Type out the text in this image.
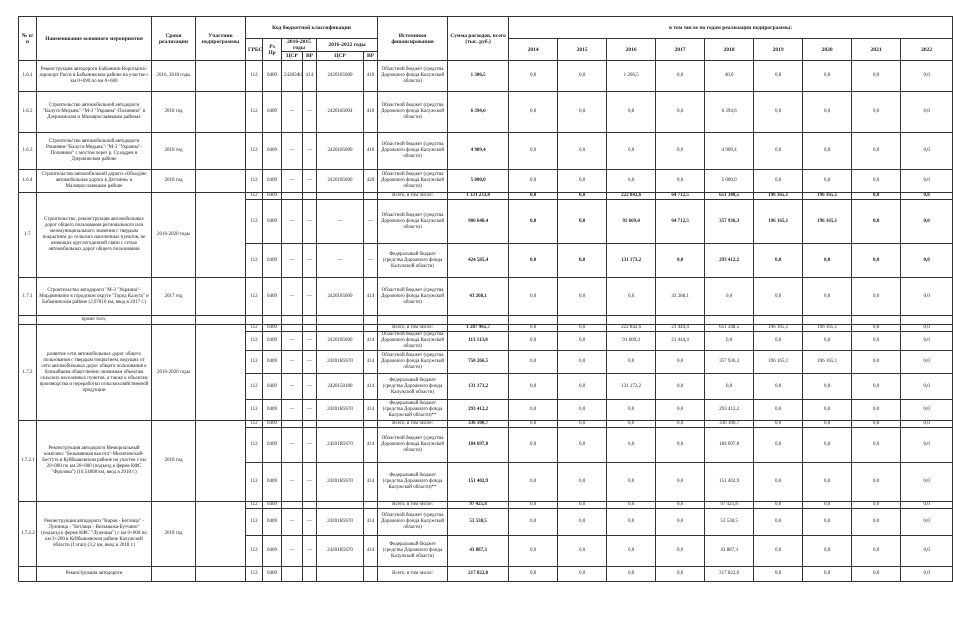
№ п/п	Наименование основного мероприятия	Сроки реализации	Участник подпрограммы	Код бюджетной классификации						Источники финансирования	Сумма расходов, всего (тыс. руб.)	в том числе по годам реализации подпрограммы:								
				ГРБС	Рз Пр	2016-2015 годы		2016-2022 годы				2014	2015	2016	2017	2018	2019	2020	2021	2022
						ЦСР	ВР	ЦСР	ВР											
1.6.1	Реконструкция автодороги Бабынино-Воротынск-аэропорт Рассв в Бабынинском районе на участке с км 0+690 по км 0+600	2016, 2018 годы		112	0409	24285Ф2	414	2420185000	410	Областной бюджет (средства Дорожного фонда Калужской области)	1 306,5	0,0	0,0	1 266,5	0,0	40,0	0,0	0,0	0,0	0,0
1.6.2	Строительство автомобильной автодороги "Калуга-Медынь"-"М-3 "Украина"-Поливино" в Дзержинском и Малоярославецком районах	2018 год		112	0409	—	—	2420185004	410	Областной бюджет (средства Дорожного фонда Калужской области)	6 394,6	0,0	0,0	0,0	0,0	6 394,6	0,0	0,0	0,0	0,0
1.6.3	Строительство автомобильной автодороги Рошняни-"Калуга-Медынь"-"М-3 "Украина"-Поливино" с мостом через р. Суходрев в Дзержинском районе	2018 год		112	0409	—	—	2420185000	410	Областной бюджет (средства Дорожного фонда Калужской области)	4 909,4	0,0	0,0	0,0	0,0	4 909,4	0,0	0,0	0,0	0,0
1.6.4	Строительство автомобильной дороги «Обход)не автомобильная дорога в Детчине» в Малоярославецком районе	2018 год		112	0409	—	—	2420185000	420	Областной бюджет (средства Дорожного фонда Калужской области)	5 000,0	0,0	0,0	0,0	0,0	5 000,0	0,0	0,0	0,0	0,0
1.7	Строительство, реконструкция автомобильных дорог общего пользования регионального или межмуниципального значения с твердым покрытием до сельских населенных пунктов, не имеющих круглогодичной связи с сетью автомобильных дорог общего пользования	2016-2020 годы		112	0409					Всего, в том числе:	1 331 233,8	0,0	0,0	222 842,6	64 712,5	651 348,5	196 165,1	196 165,1	0,0	0,0
				112	0409	—	—	—	—	Областной бюджет (средства Дорожного фонда Калужской области)	906 648,4	0,0	0,0	91 669,4	64 712,5	357 936,3	196 165,1	196 165,1	0,0	0,0
				112	0409	—	—	—	—	Федеральный бюджет (средства Дорожного фонда Калужской области)	424 585,4	0,0	0,0	131 173,2	0,0	293 412,2	0,0	0,0	0,0	0,0
1.7.1	Строительство автодороги "М-3 "Украина"-Мордвинкино в городском округе "Город Калуга" и Бабынинском районе (2,07810 км, ввод в 2017 г.)	2017 год		112	0409	—	—	2420185000	414	Областной бюджет (средства Дорожного фонда Калужской области)	43 268,1	0,0	0,0	0,0	43 268,1	0,0	0,0	0,0	0,0	0,0
	кроме того,																			
1.7.2	развитие сети автомобильных дорог общего пользования с твердым покрытием, ведущих от сети автомобильных дорог общего пользования к ближайшим общественно значимым объектам сельских населенных пунктов, а также к объектам производства и переработки сельскохозяйственной продукции	2016-2020 годы		112	0409					Всего, в том числе:	1 287 965,7	0,0	0,0	222 842,6	21 444,4	651 348,5	196 165,1	196 165,1	0,0	0,0
				112	0409	—	—	2420185000	414	Областной бюджет (средства Дорожного фонда Калужской области)	113 113,8	0,0	0,0	91 669,4	21 444,4	0,0	0,0	0,0	0,0	0,0
				112	0409	—	—	24201R5670	414	Областной бюджет (средства Дорожного фонда Калужской области)	750 266,5	0,0	0,0	0,0	0,0	357 936,3	196 165,1	196 165,1	0,0	0,0
				112	0409	—	—	2420150180	414	Федеральный бюджет (средства Дорожного фонда Калужской области)	131 173,2	0,0	0,0	131 173,2	0,0	0,0	0,0	0,0	0,0	0,0
				112	0409	—	—	24201R5670	414	Федеральный бюджет (средства Дорожного фонда Калужской области)**	293 412,2	0,0	0,0	0,0	0,0	293 412,2	0,0	0,0	0,0	0,0
1.7.2.1	Реконструкция автодороги Мемориальный комплекс "Безымянная высота"-Милятинский-Бестуть в Куйбышевском районе на участке с км 20+000 по км 20+800 (подъезд к ферме КФС "Фролова") (10,54808 км, ввод в 2018 г.)	2018 год		112	0409					Всего, в том числе:	336 100,7	0,0	0,0	0,0	0,0	336 100,7	0,0	0,0	0,0	0,0
				112	0409	—	—	24201R5670	414	Областной бюджет (средства Дорожного фонда Калужской области)	184 697,8	0,0	0,0	0,0	0,0	184 697,8	0,0	0,0	0,0	0,0
				112	0409	—	—	24201R5670	414	Федеральный бюджет (средства Дорожного фонда Калужской области)**	151 402,9	0,0	0,0	0,0	0,0	151 402,9	0,0	0,0	0,0	0,0
1.7.2.2	Реконструкция автодороги "Киров - Бетлица" - Лужница - "Бетлица - Вельмыжа-Бутчино" (подъезд к ферме КФС "Лужница") с км 0+000 по км 3+200 в Куйбышевском районе Калужской области (I этап) (3,2 км, ввод в 2018 г.)	2018 год		112	0409					Всего, в том числе:	97 425,8	0,0	0,0	0,0	0,0	97 425,8	0,0	0,0	0,0	0,0
				112	0409	—	—	24201R5670	414	Областной бюджет (средства Дорожного фонда Калужской области)	53 538,5	0,0	0,0	0,0	0,0	53 538,5	0,0	0,0	0,0	0,0
				112	0409	—	—	24201R5670	414	Федеральный бюджет (средства Дорожного фонда Калужской области)	43 887,3	0,0	0,0	0,0	0,0	43 887,3	0,0	0,0	0,0	0,0
	Реконструкция автодороги			112	0409					Всего, в том числе:	217 822,0	0,0	0,0	0,0	0,0	217 822,0	0,0	0,0	0,0	0,0
